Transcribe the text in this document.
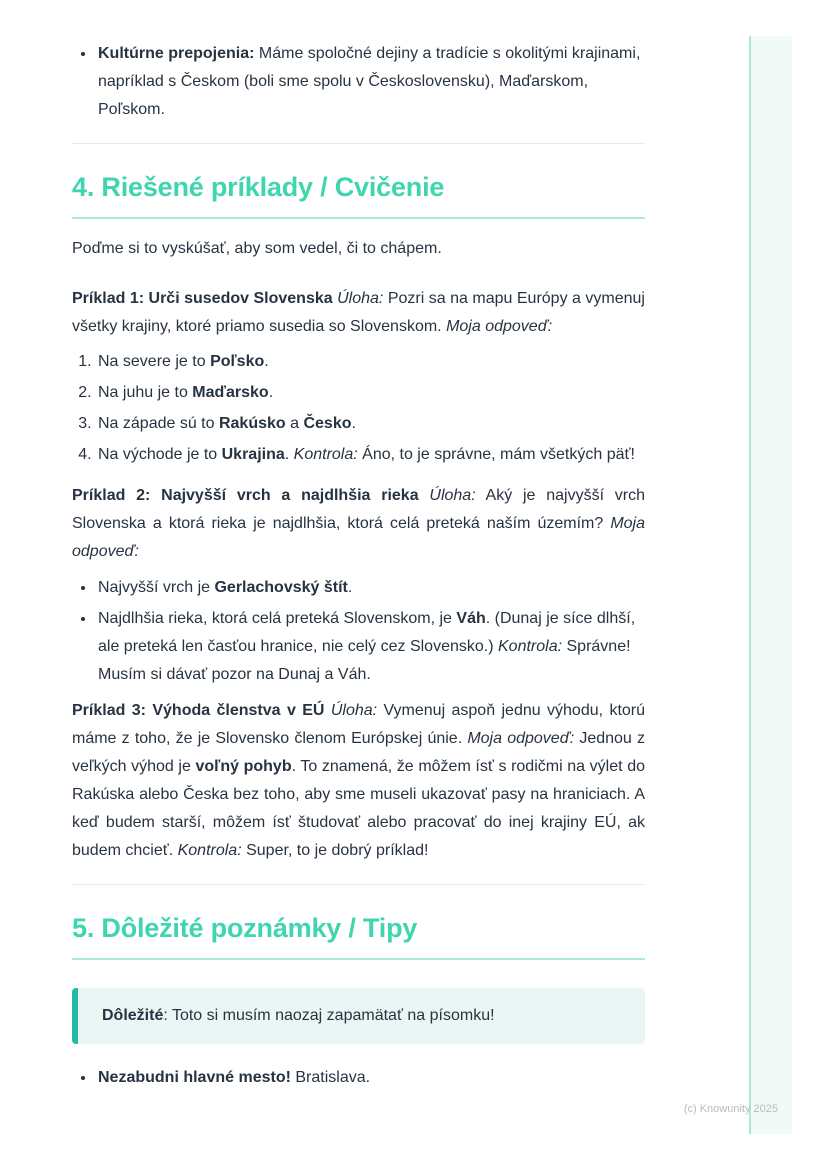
• Kultúrne prepojenia: Máme spoločné dejiny a tradície s okolitými krajinami, napríklad s Českom (boli sme spolu v Československu), Maďarskom, Poľskom.
4. Riešené príklady / Cvičenie

Poďme si to vyskúšať, aby som vedel, či to chápem.

Príklad 1: Urči susedov Slovenska Úloha: Pozri sa na mapu Európy a vymenuj všetky krajiny, ktoré priamo susedia so Slovenskom. Moja odpoveď:

1. Na severe je to Poľsko.
2. Na juhu je to Maďarsko.
3. Na západe sú to Rakúsko a Česko.
4. Na východe je to Ukrajina. Kontrola: Áno, to je správne, mám všetkých päť!

Príklad 2: Najvyšší vrch a najdlhšia rieka Úloha: Aký je najvyšší vrch Slovenska a ktorá rieka je najdlhšia, ktorá celá preteká naším územím? Moja odpoveď:

• Najvyšší vrch je Gerlachovský štít.
• Najdlhšia rieka, ktorá celá preteká Slovenskom, je Váh. (Dunaj je síce dlhší, ale preteká len časťou hranice, nie celý cez Slovensko.) Kontrola: Správne! Musím si dávať pozor na Dunaj a Váh.

Príklad 3: Výhoda členstva v EÚ Úloha: Vymenuj aspoň jednu výhodu, ktorú máme z toho, že je Slovensko členom Európskej únie. Moja odpoveď: Jednou z veľkých výhod je voľný pohyb. To znamená, že môžem ísť s rodičmi na výlet do Rakúska alebo Česka bez toho, aby sme museli ukazovať pasy na hraniciach. A keď budem starší, môžem ísť študovať alebo pracovať do inej krajiny EÚ, ak budem chcieť. Kontrola: Super, to je dobrý príklad!

5. Dôležité poznámky / Tipy

Dôležité: Toto si musím naozaj zapamätať na písomku!

• Nezabudni hlavné mesto! Bratislava.
(c) Knowunity 2025
